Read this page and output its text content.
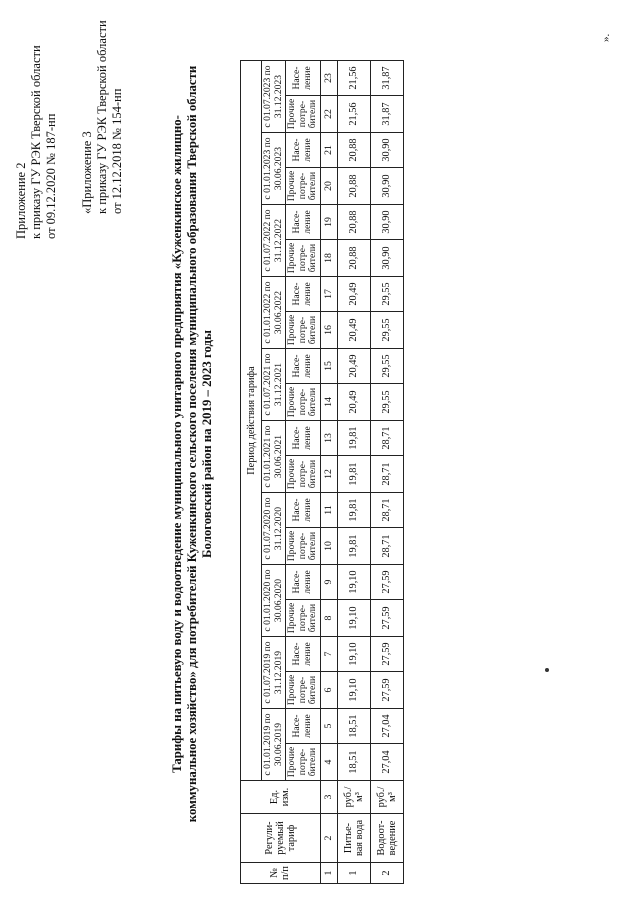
Приложение 2 к приказу ГУ РЭК Тверской области от 09.12.2020 № 187-нп «Приложение 3 к приказу ГУ РЭК Тверской области от 12.12.2018 № 154-нп	Тарифы на питьевую воду и водоотведение муниципального унитарного предприятия «Куженкинское жилищно- коммунальное хозяйство» для потребителей Куженкинского сельского поселения муниципального образования Тверской области Бологовский район на 2019 – 2023 годы
№ п/п	Регули-руемый тариф	Ед. изм.	Период действия тарифа																			
			с 01.01.2019 по 30.06.2019		с 01.07.2019 по 31.12.2019		с 01.01.2020 по 30.06.2020		с 01.07.2020 по 31.12.2020		с 01.01.2021 по 30.06.2021		с 01.07.2021 по 31.12.2021		с 01.01.2022 по 30.06.2022		с 01.07.2022 по 31.12.2022		с 01.01.2023 по 30.06.2023		с 01.07.2023 по 31.12.2023	
			Прочие потре-бители	Насе-ление	Прочие потре-бители	Насе-ление	Прочие потре-бители	Насе-ление	Прочие потре-бители	Насе-ление	Прочие потре-бители	Насе-ление	Прочие потре-бители	Насе-ление	Прочие потре-бители	Насе-ление	Прочие потре-бители	Насе-ление	Прочие потре-бители	Насе-ление	Прочие потре-бители	Насе-ление
1	2	3	4	5	6	7	8	9	10	11	12	13	14	15	16	17	18	19	20	21	22	23
1	Питье-вая вода	руб./м³	18,51	18,51	19,10	19,10	19,10	19,10	19,81	19,81	19,81	19,81	20,49	20,49	20,49	20,49	20,88	20,88	20,88	20,88	21,56	21,56
2	Водоот-ведение	руб./м³	27,04	27,04	27,59	27,59	27,59	27,59	28,71	28,71	28,71	28,71	29,55	29,55	29,55	29,55	30,90	30,90	30,90	30,90	31,87	31,87
».
